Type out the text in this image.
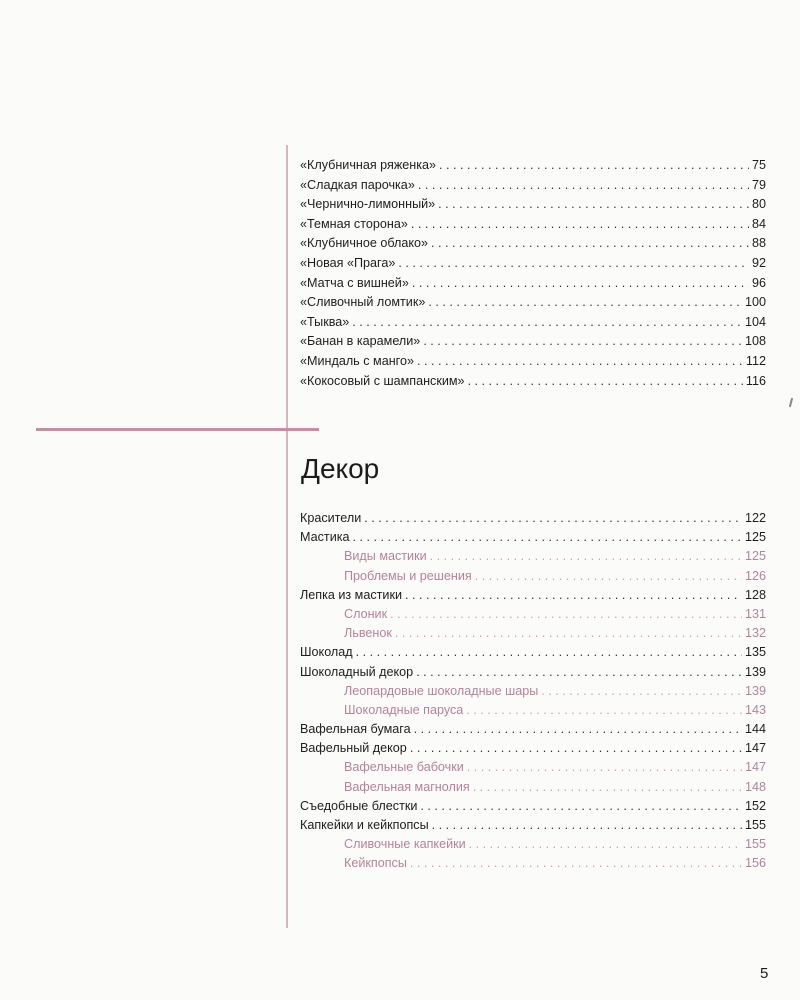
«Клубничная ряженка» . . .	75
«Сладкая парочка» . . .	79
«Чернично-лимонный» . . .	80
«Темная сторона» . . .	84
«Клубничное облако» . . .	88
«Новая «Прага» . . .	92
«Матча с вишней» . . .	96
«Сливочный ломтик» . . .	100
«Тыква» . . .	104
«Банан в карамели» . . .	108
«Миндаль с манго» . . .	112
«Кокосовый с шампанским» . . .	116
Декор
Красители . . .	122
Мастика . . .	125
Виды мастики . . .	125
Проблемы и решения . . .	126
Лепка из мастики . . .	128
Слоник . . .	131
Львенок . . .	132
Шоколад . . .	135
Шоколадный декор . . .	139
Леопардовые шоколадные шары . . .	139
Шоколадные паруса . . .	143
Вафельная бумага . . .	144
Вафельный декор . . .	147
Вафельные бабочки . . .	147
Вафельная магнолия . . .	148
Съедобные блестки . . .	152
Капкейки и кейкпопсы . . .	155
Сливочные капкейки . . .	155
Кейкпопсы . . .	156
5
